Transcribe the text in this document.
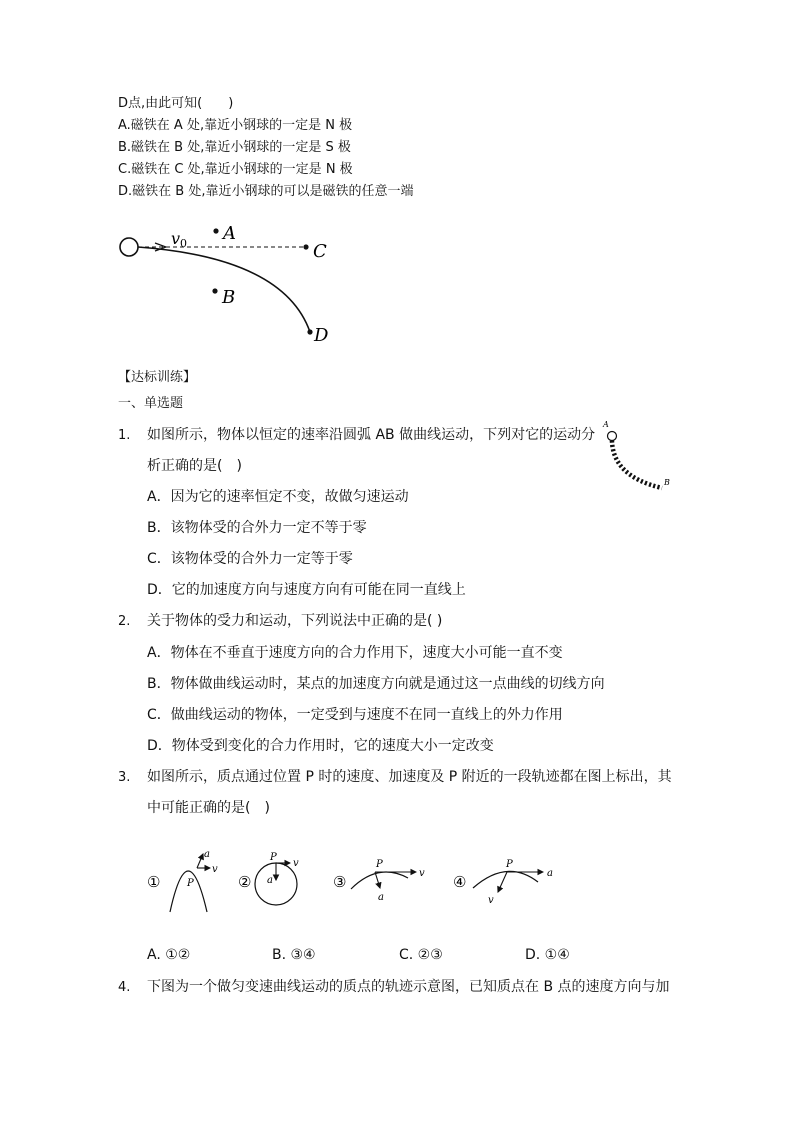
D点,由此可知(　　)
A.磁铁在 A 处,靠近小钢球的一定是 N 极
B.磁铁在 B 处,靠近小钢球的一定是 S 极
C.磁铁在 C 处,靠近小钢球的一定是 N 极
D.磁铁在 B 处,靠近小钢球的可以是磁铁的任意一端
v0 A
C
B
D
【达标训练】
一、单选题
1.	如图所示，物体以恒定的速率沿圆弧 AB 做曲线运动，下列对它的运动分
析正确的是(　)
A．因为它的速率恒定不变，故做匀速运动
B．该物体受的合外力一定不等于零
C．该物体受的合外力一定等于零
D．它的加速度方向与速度方向有可能在同一直线上
A
B
2.	关于物体的受力和运动，下列说法中正确的是( )
A．物体在不垂直于速度方向的合力作用下，速度大小可能一直不变
B．物体做曲线运动时，某点的加速度方向就是通过这一点曲线的切线方向
C．做曲线运动的物体，一定受到与速度不在同一直线上的外力作用
D．物体受到变化的合力作用时，它的速度大小一定改变
3.	如图所示，质点通过位置 P 时的速度、加速度及 P 附近的一段轨迹都在图上标出，其
中可能正确的是(　)
①
a
v
P	②
P
v
a	③
P
v
a
④
P
a
v
A. ①②	B. ③④	C. ②③	D. ①④
4.	下图为一个做匀变速曲线运动的质点的轨迹示意图，已知质点在 B 点的速度方向与加
